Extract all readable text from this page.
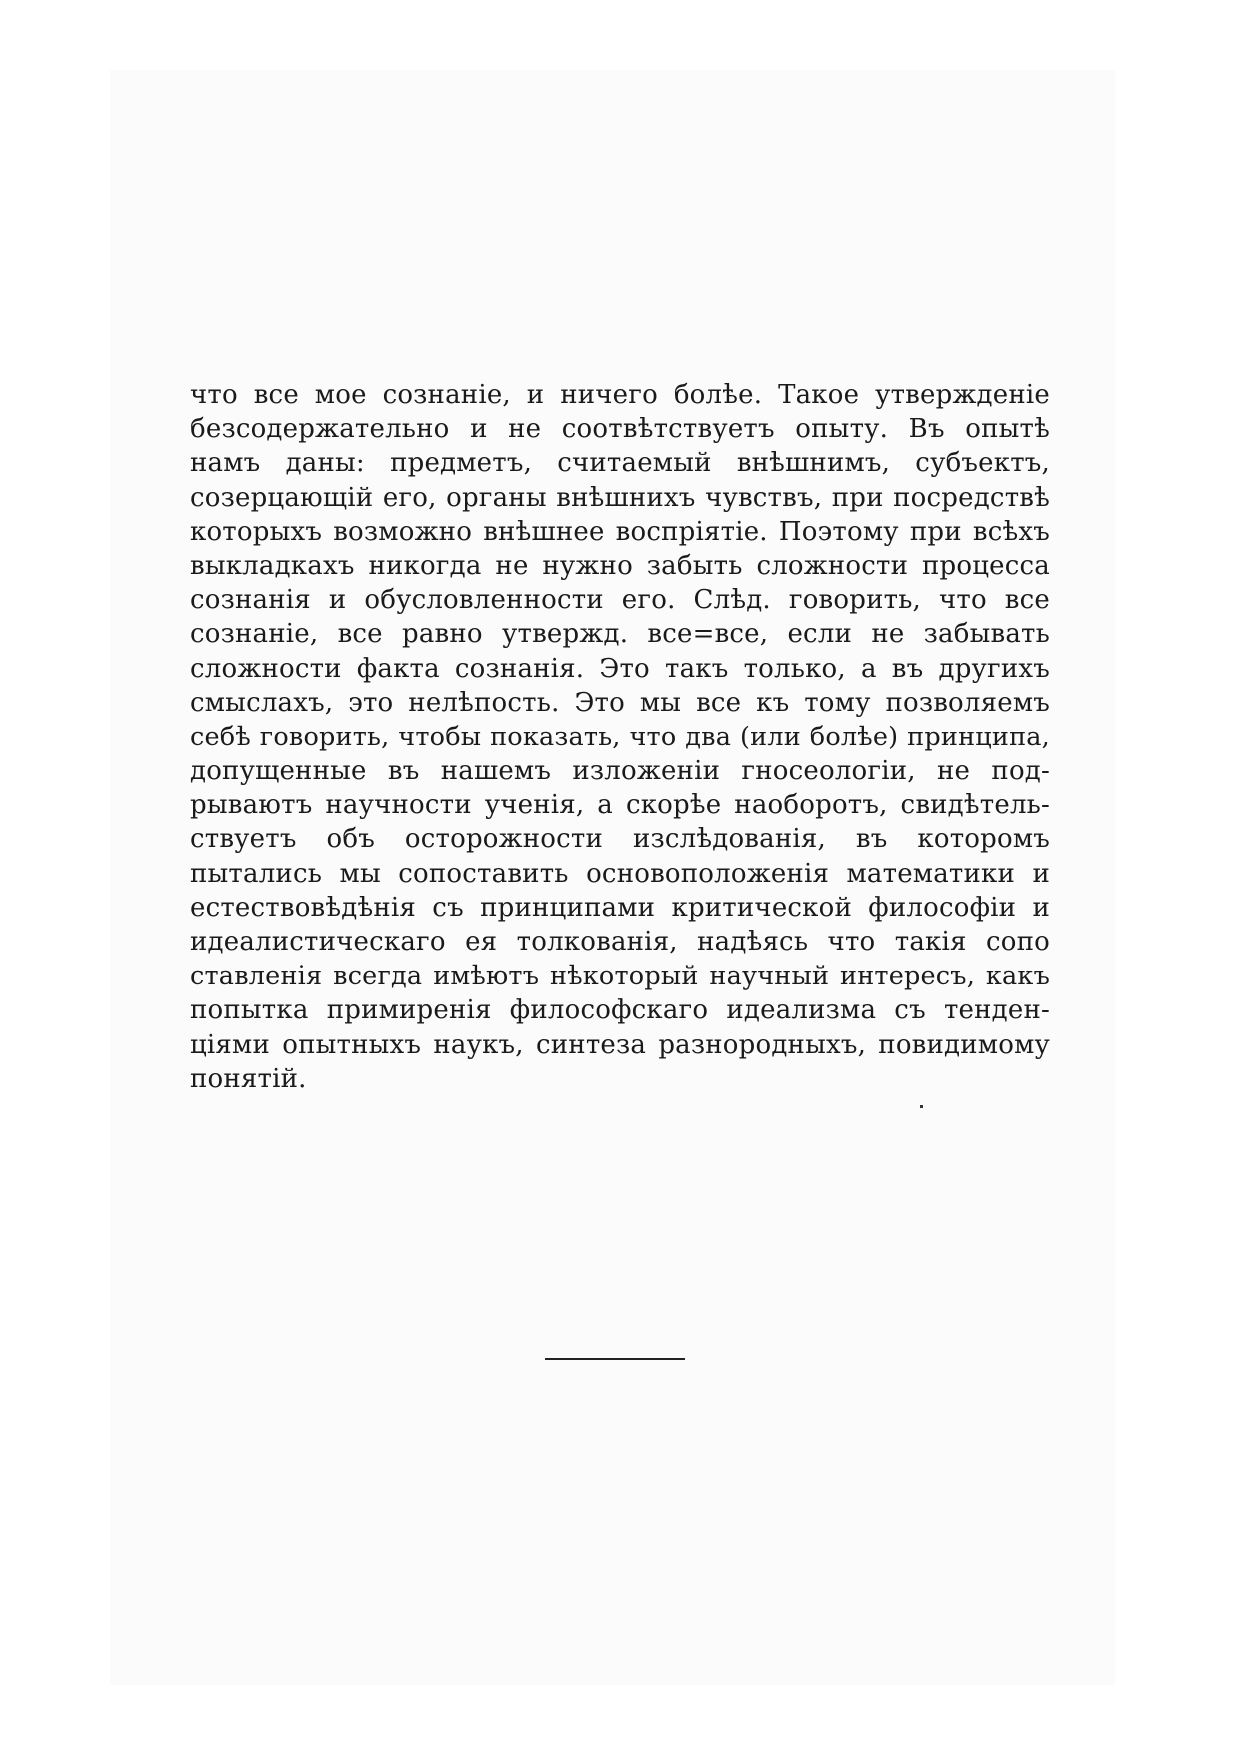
что все мое сознаніе, и ничего болѣе. Такое утвержденіе
безсодержательно и не соотвѣтствуетъ опыту. Въ опытѣ
намъ даны: предметъ, считаемый внѣшнимъ, субъектъ,
созерцающій его, органы внѣшнихъ чувствъ, при посредствѣ
которыхъ возможно внѣшнее воспріятіе. Поэтому при всѣхъ
выкладкахъ никогда не нужно забыть сложности процесса
сознанія и обусловленности его. Слѣд. говорить, что все
сознаніе, все равно утвержд. все=все, если не забывать
сложности факта сознанія. Это такъ только, а въ другихъ
смыслахъ, это нелѣпость. Это мы все къ тому позволяемъ
себѣ говорить, чтобы показать, что два (или болѣе) принципа,
допущенные въ нашемъ изложеніи гносеологіи, не под-
рываютъ научности ученія, а скорѣе наоборотъ, свидѣтель-
ствуетъ объ осторожности изслѣдованія, въ которомъ
пытались мы сопоставить основоположенія математики и
естествовѣдѣнія съ принципами критической философіи и
идеалистическаго ея толкованія, надѣясь что такія сопо
ставленія всегда имѣютъ нѣкоторый научный интересъ, какъ
попытка примиренія философскаго идеализма съ тенден-
ціями опытныхъ наукъ, синтеза разнородныхъ, повидимому
понятій.
